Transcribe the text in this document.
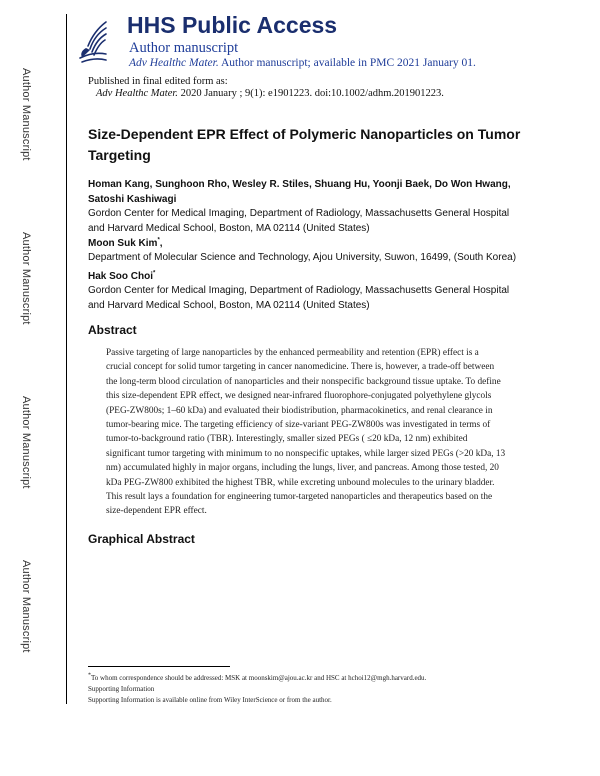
Author Manuscript
Author Manuscript
Author Manuscript
Author Manuscript
HHS Public Access
Author manuscript
Adv Healthc Mater. Author manuscript; available in PMC 2021 January 01.
Published in final edited form as:
Adv Healthc Mater. 2020 January ; 9(1): e1901223. doi:10.1002/adhm.201901223.
Size-Dependent EPR Effect of Polymeric Nanoparticles on Tumor Targeting
Homan Kang, Sunghoon Rho, Wesley R. Stiles, Shuang Hu, Yoonji Baek, Do Won Hwang, Satoshi Kashiwagi
Gordon Center for Medical Imaging, Department of Radiology, Massachusetts General Hospital and Harvard Medical School, Boston, MA 02114 (United States)
Moon Suk Kim*,
Department of Molecular Science and Technology, Ajou University, Suwon, 16499, (South Korea)
Hak Soo Choi*
Gordon Center for Medical Imaging, Department of Radiology, Massachusetts General Hospital and Harvard Medical School, Boston, MA 02114 (United States)
Abstract
Passive targeting of large nanoparticles by the enhanced permeability and retention (EPR) effect is a crucial concept for solid tumor targeting in cancer nanomedicine. There is, however, a trade-off between the long-term blood circulation of nanoparticles and their nonspecific background tissue uptake. To define this size-dependent EPR effect, we designed near-infrared fluorophore-conjugated polyethylene glycols (PEG-ZW800s; 1–60 kDa) and evaluated their biodistribution, pharmacokinetics, and renal clearance in tumor-bearing mice. The targeting efficiency of size-variant PEG-ZW800s was investigated in terms of tumor-to-background ratio (TBR). Interestingly, smaller sized PEGs ( ≤20 kDa, 12 nm) exhibited significant tumor targeting with minimum to no nonspecific uptakes, while larger sized PEGs (>20 kDa, 13 nm) accumulated highly in major organs, including the lungs, liver, and pancreas. Among those tested, 20 kDa PEG-ZW800 exhibited the highest TBR, while excreting unbound molecules to the urinary bladder. This result lays a foundation for engineering tumor-targeted nanoparticles and therapeutics based on the size-dependent EPR effect.
Graphical Abstract
*To whom correspondence should be addressed: MSK at moonskim@ajou.ac.kr and HSC at hchoi12@mgh.harvard.edu.
Supporting Information
Supporting Information is available online from Wiley InterScience or from the author.
